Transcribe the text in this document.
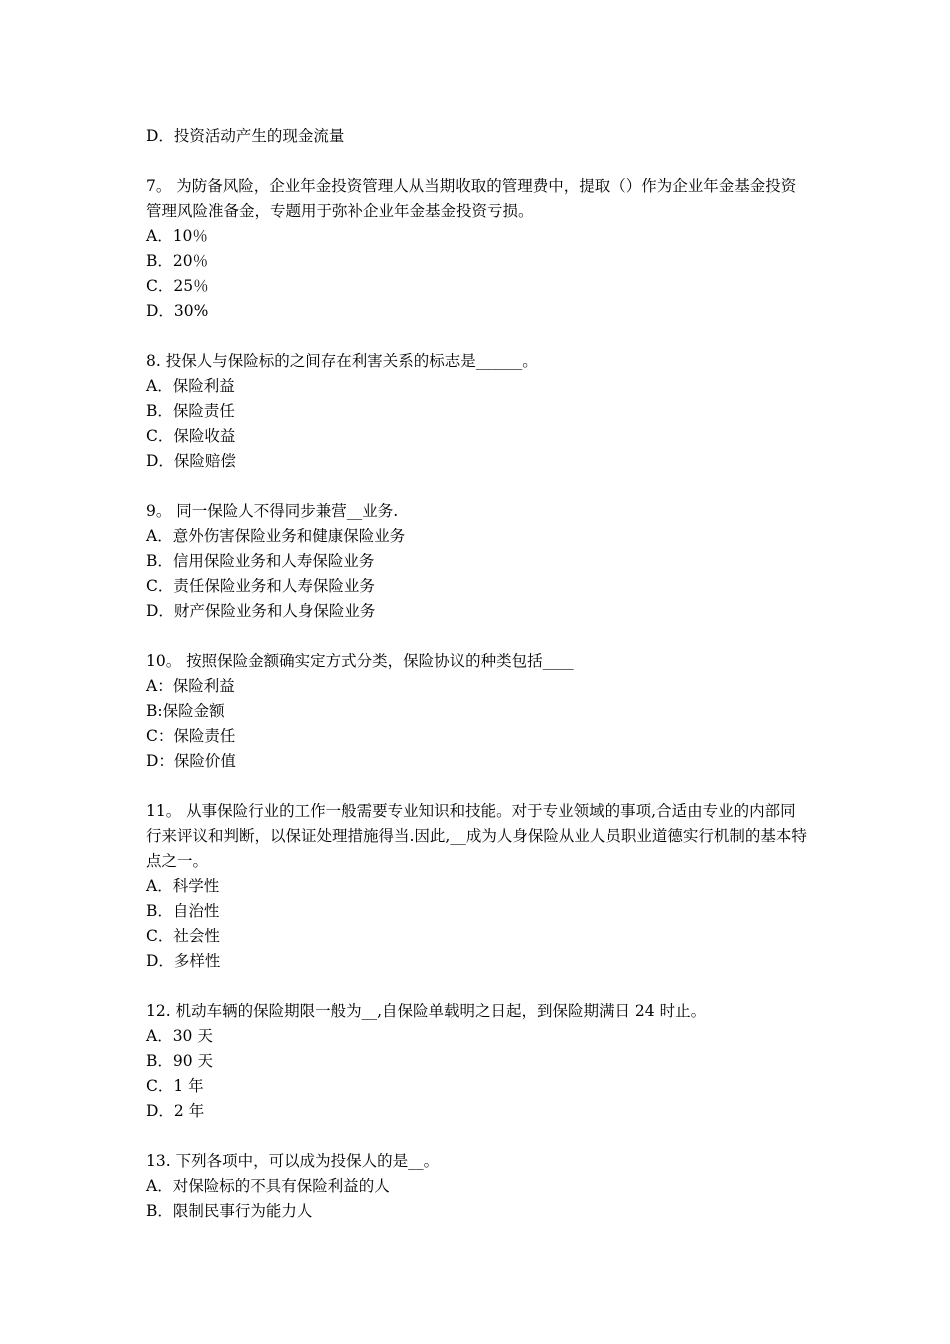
D．投资活动产生的现金流量
7。 为防备风险，企业年金投资管理人从当期收取的管理费中，提取（）作为企业年金基金投资管理风险准备金，专题用于弥补企业年金基金投资亏损。
A．10％
B．20％
C．25％
D．30%
8. 投保人与保险标的之间存在利害关系的标志是______。
A．保险利益
B．保险责任
C．保险收益
D．保险赔偿
9。 同一保险人不得同步兼营__业务.
A．意外伤害保险业务和健康保险业务
B．信用保险业务和人寿保险业务
C．责任保险业务和人寿保险业务
D．财产保险业务和人身保险业务
10。 按照保险金额确实定方式分类，保险协议的种类包括____
A：保险利益
B:保险金额
C：保险责任
D：保险价值
11。 从事保险行业的工作一般需要专业知识和技能。对于专业领域的事项,合适由专业的内部同行来评议和判断，以保证处理措施得当.因此,__成为人身保险从业人员职业道德实行机制的基本特点之一。
A．科学性
B．自治性
C．社会性
D．多样性
12. 机动车辆的保险期限一般为__,自保险单载明之日起，到保险期满日 24 时止。
A．30 天
B．90 天
C．1 年
D．2 年
13. 下列各项中，可以成为投保人的是__。
A．对保险标的不具有保险利益的人
B．限制民事行为能力人
